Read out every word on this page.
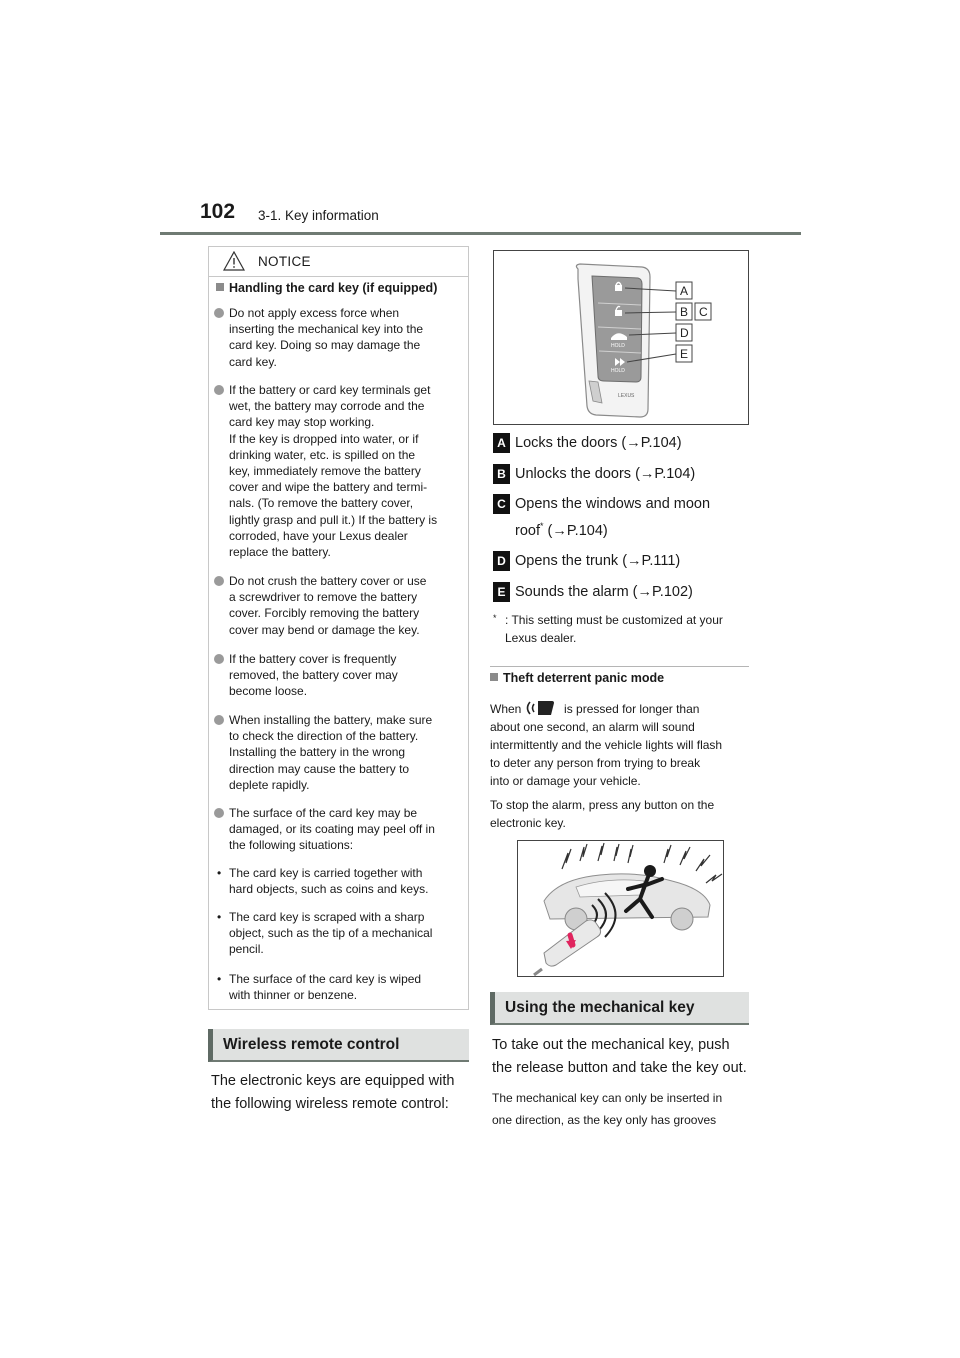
102 3-1. Key information
NOTICE
Handling the card key (if equipped)

Do not apply excess force when

inserting the mechanical key into the

card key. Doing so may damage the

card key.

If the battery or card key terminals get

wet, the battery may corrode and the

card key may stop working.

If the key is dropped into water, or if

drinking water, etc. is spilled on the

key, immediately remove the battery

cover and wipe the battery and termi-

nals. (To remove the battery cover,

lightly grasp and pull it.) If the battery is

corroded, have your Lexus dealer

replace the battery.

Do not crush the battery cover or use

a screwdriver to remove the battery

cover. Forcibly removing the battery

cover may bend or damage the key.

If the battery cover is frequently

removed, the battery cover may

become loose.

When installing the battery, make sure

to check the direction of the battery.

Installing the battery in the wrong

direction may cause the battery to

deplete rapidly.

The surface of the card key may be

damaged, or its coating may peel off in

the following situations:

• The card key is carried together with

hard objects, such as coins and keys.

• The card key is scraped with a sharp

object, such as the tip of a mechanical

pencil.

• The surface of the card key is wiped

with thinner or benzene.

Wireless remote control
The electronic keys are equipped with
the following wireless remote control:
HOLD
HOLD
LEXUS
A
B C
D
E
A Locks the doors (→P.104)
B Unlocks the doors (→P.104)
C Opens the windows and moon
roof* (→P.104)
D Opens the trunk (→P.111)
E Sounds the alarm (→P.102)
* : This setting must be customized at your
Lexus dealer.
Theft deterrent panic mode
When	is pressed for longer than
about one second, an alarm will sound
intermittently and the vehicle lights will flash
to deter any person from trying to break
into or damage your vehicle.
To stop the alarm, press any button on the
electronic key.
Using the mechanical key
To take out the mechanical key, push
the release button and take the key out.
The mechanical key can only be inserted in
one direction, as the key only has grooves
